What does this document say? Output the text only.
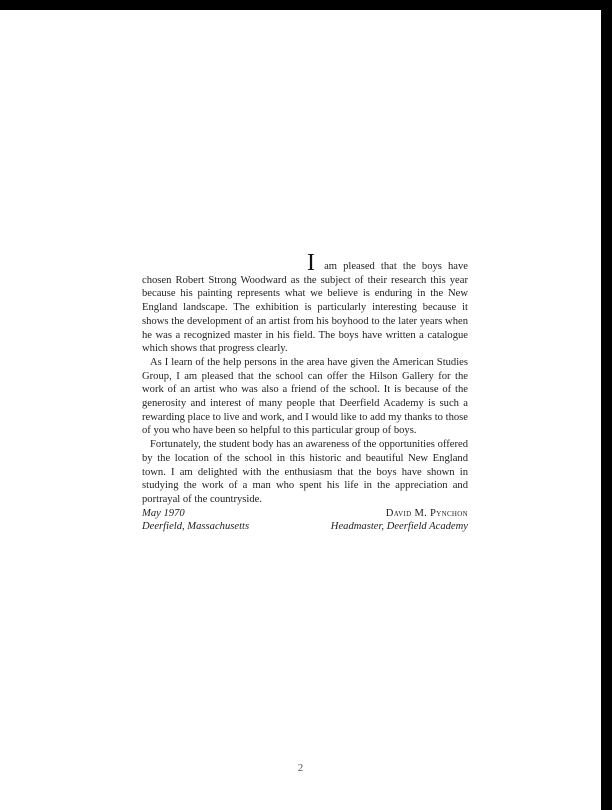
I am pleased that the boys have chosen Robert Strong Woodward as the subject of their research this year because his painting represents what we believe is enduring in the New England landscape. The exhibition is particularly interesting because it shows the development of an artist from his boyhood to the later years when he was a recognized master in his field. The boys have written a catalogue which shows that progress clearly.

As I learn of the help persons in the area have given the American Studies Group, I am pleased that the school can offer the Hilson Gallery for the work of an artist who was also a friend of the school. It is because of the generosity and interest of many people that Deerfield Academy is such a rewarding place to live and work, and I would like to add my thanks to those of you who have been so helpful to this particular group of boys.

Fortunately, the student body has an awareness of the opportunities offered by the location of the school in this historic and beautiful New England town. I am delighted with the enthusiasm that the boys have shown in studying the work of a man who spent his life in the appreciation and portrayal of the countryside.

May 1970	David M. Pynchon
Deerfield, Massachusetts	Headmaster, Deerfield Academy
2
